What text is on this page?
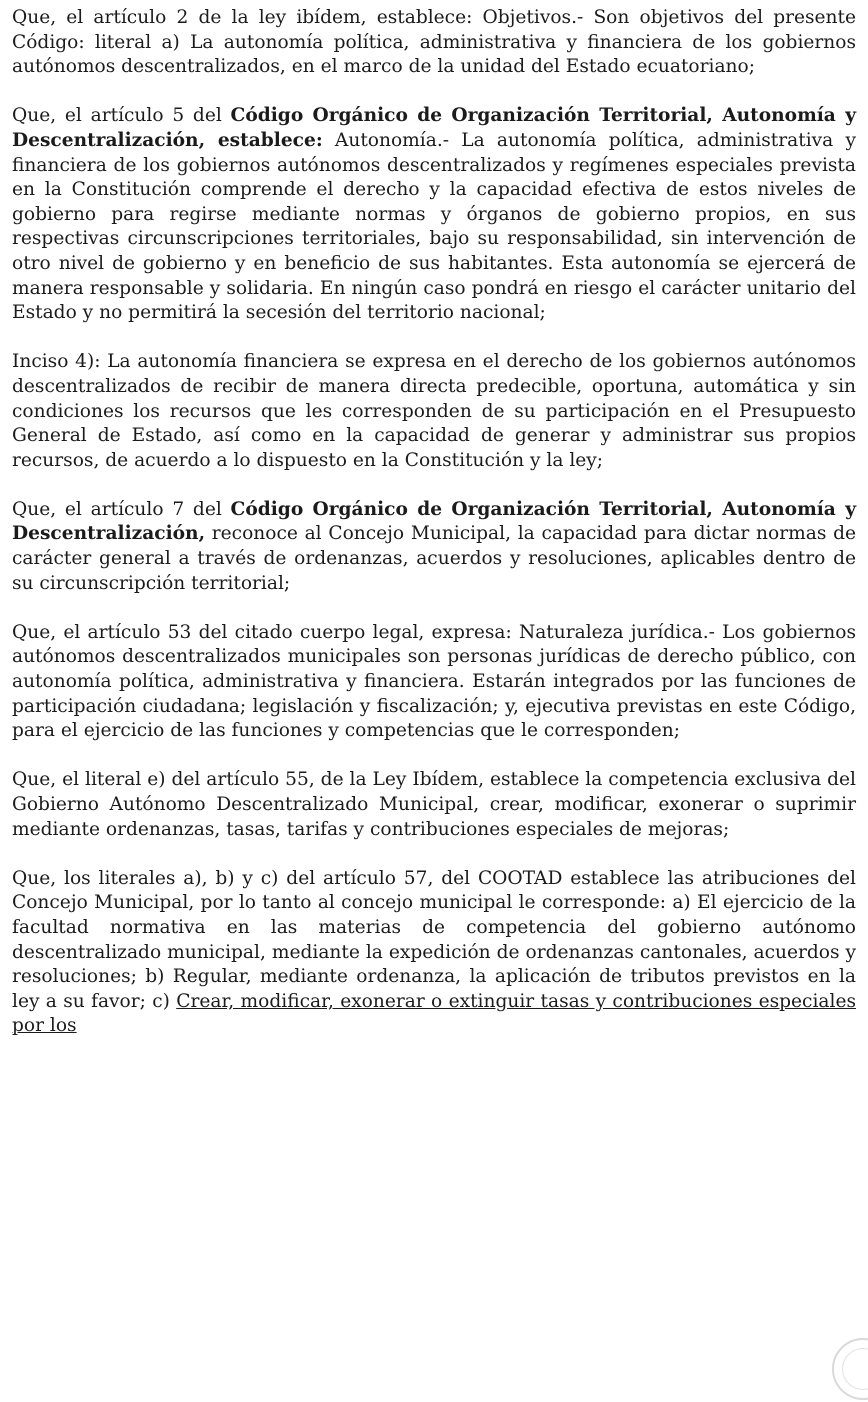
Que, el artículo 2 de la ley ibídem, establece: Objetivos.- Son objetivos del presente Código: literal a) La autonomía política, administrativa y financiera de los gobiernos autónomos descentralizados, en el marco de la unidad del Estado ecuatoriano;

Que, el artículo 5 del Código Orgánico de Organización Territorial, Autonomía y Descentralización, establece: Autonomía.- La autonomía política, administrativa y financiera de los gobiernos autónomos descentralizados y regímenes especiales prevista en la Constitución comprende el derecho y la capacidad efectiva de estos niveles de gobierno para regirse mediante normas y órganos de gobierno propios, en sus respectivas circunscripciones territoriales, bajo su responsabilidad, sin intervención de otro nivel de gobierno y en beneficio de sus habitantes. Esta autonomía se ejercerá de manera responsable y solidaria. En ningún caso pondrá en riesgo el carácter unitario del Estado y no permitirá la secesión del territorio nacional;

Inciso 4): La autonomía financiera se expresa en el derecho de los gobiernos autónomos descentralizados de recibir de manera directa predecible, oportuna, automática y sin condiciones los recursos que les corresponden de su participación en el Presupuesto General de Estado, así como en la capacidad de generar y administrar sus propios recursos, de acuerdo a lo dispuesto en la Constitución y la ley;

Que, el artículo 7 del Código Orgánico de Organización Territorial, Autonomía y Descentralización, reconoce al Concejo Municipal, la capacidad para dictar normas de carácter general a través de ordenanzas, acuerdos y resoluciones, aplicables dentro de su circunscripción territorial;

Que, el artículo 53 del citado cuerpo legal, expresa: Naturaleza jurídica.- Los gobiernos autónomos descentralizados municipales son personas jurídicas de derecho público, con autonomía política, administrativa y financiera. Estarán integrados por las funciones de participación ciudadana; legislación y fiscalización; y, ejecutiva previstas en este Código, para el ejercicio de las funciones y competencias que le corresponden;

Que, el literal e) del artículo 55, de la Ley Ibídem, establece la competencia exclusiva del Gobierno Autónomo Descentralizado Municipal, crear, modificar, exonerar o suprimir mediante ordenanzas, tasas, tarifas y contribuciones especiales de mejoras;

Que, los literales a), b) y c) del artículo 57, del COOTAD establece las atribuciones del Concejo Municipal, por lo tanto al concejo municipal le corresponde: a) El ejercicio de la facultad normativa en las materias de competencia del gobierno autónomo descentralizado municipal, mediante la expedición de ordenanzas cantonales, acuerdos y resoluciones; b) Regular, mediante ordenanza, la aplicación de tributos previstos en la ley a su favor; c) Crear, modificar, exonerar o extinguir tasas y contribuciones especiales por los
